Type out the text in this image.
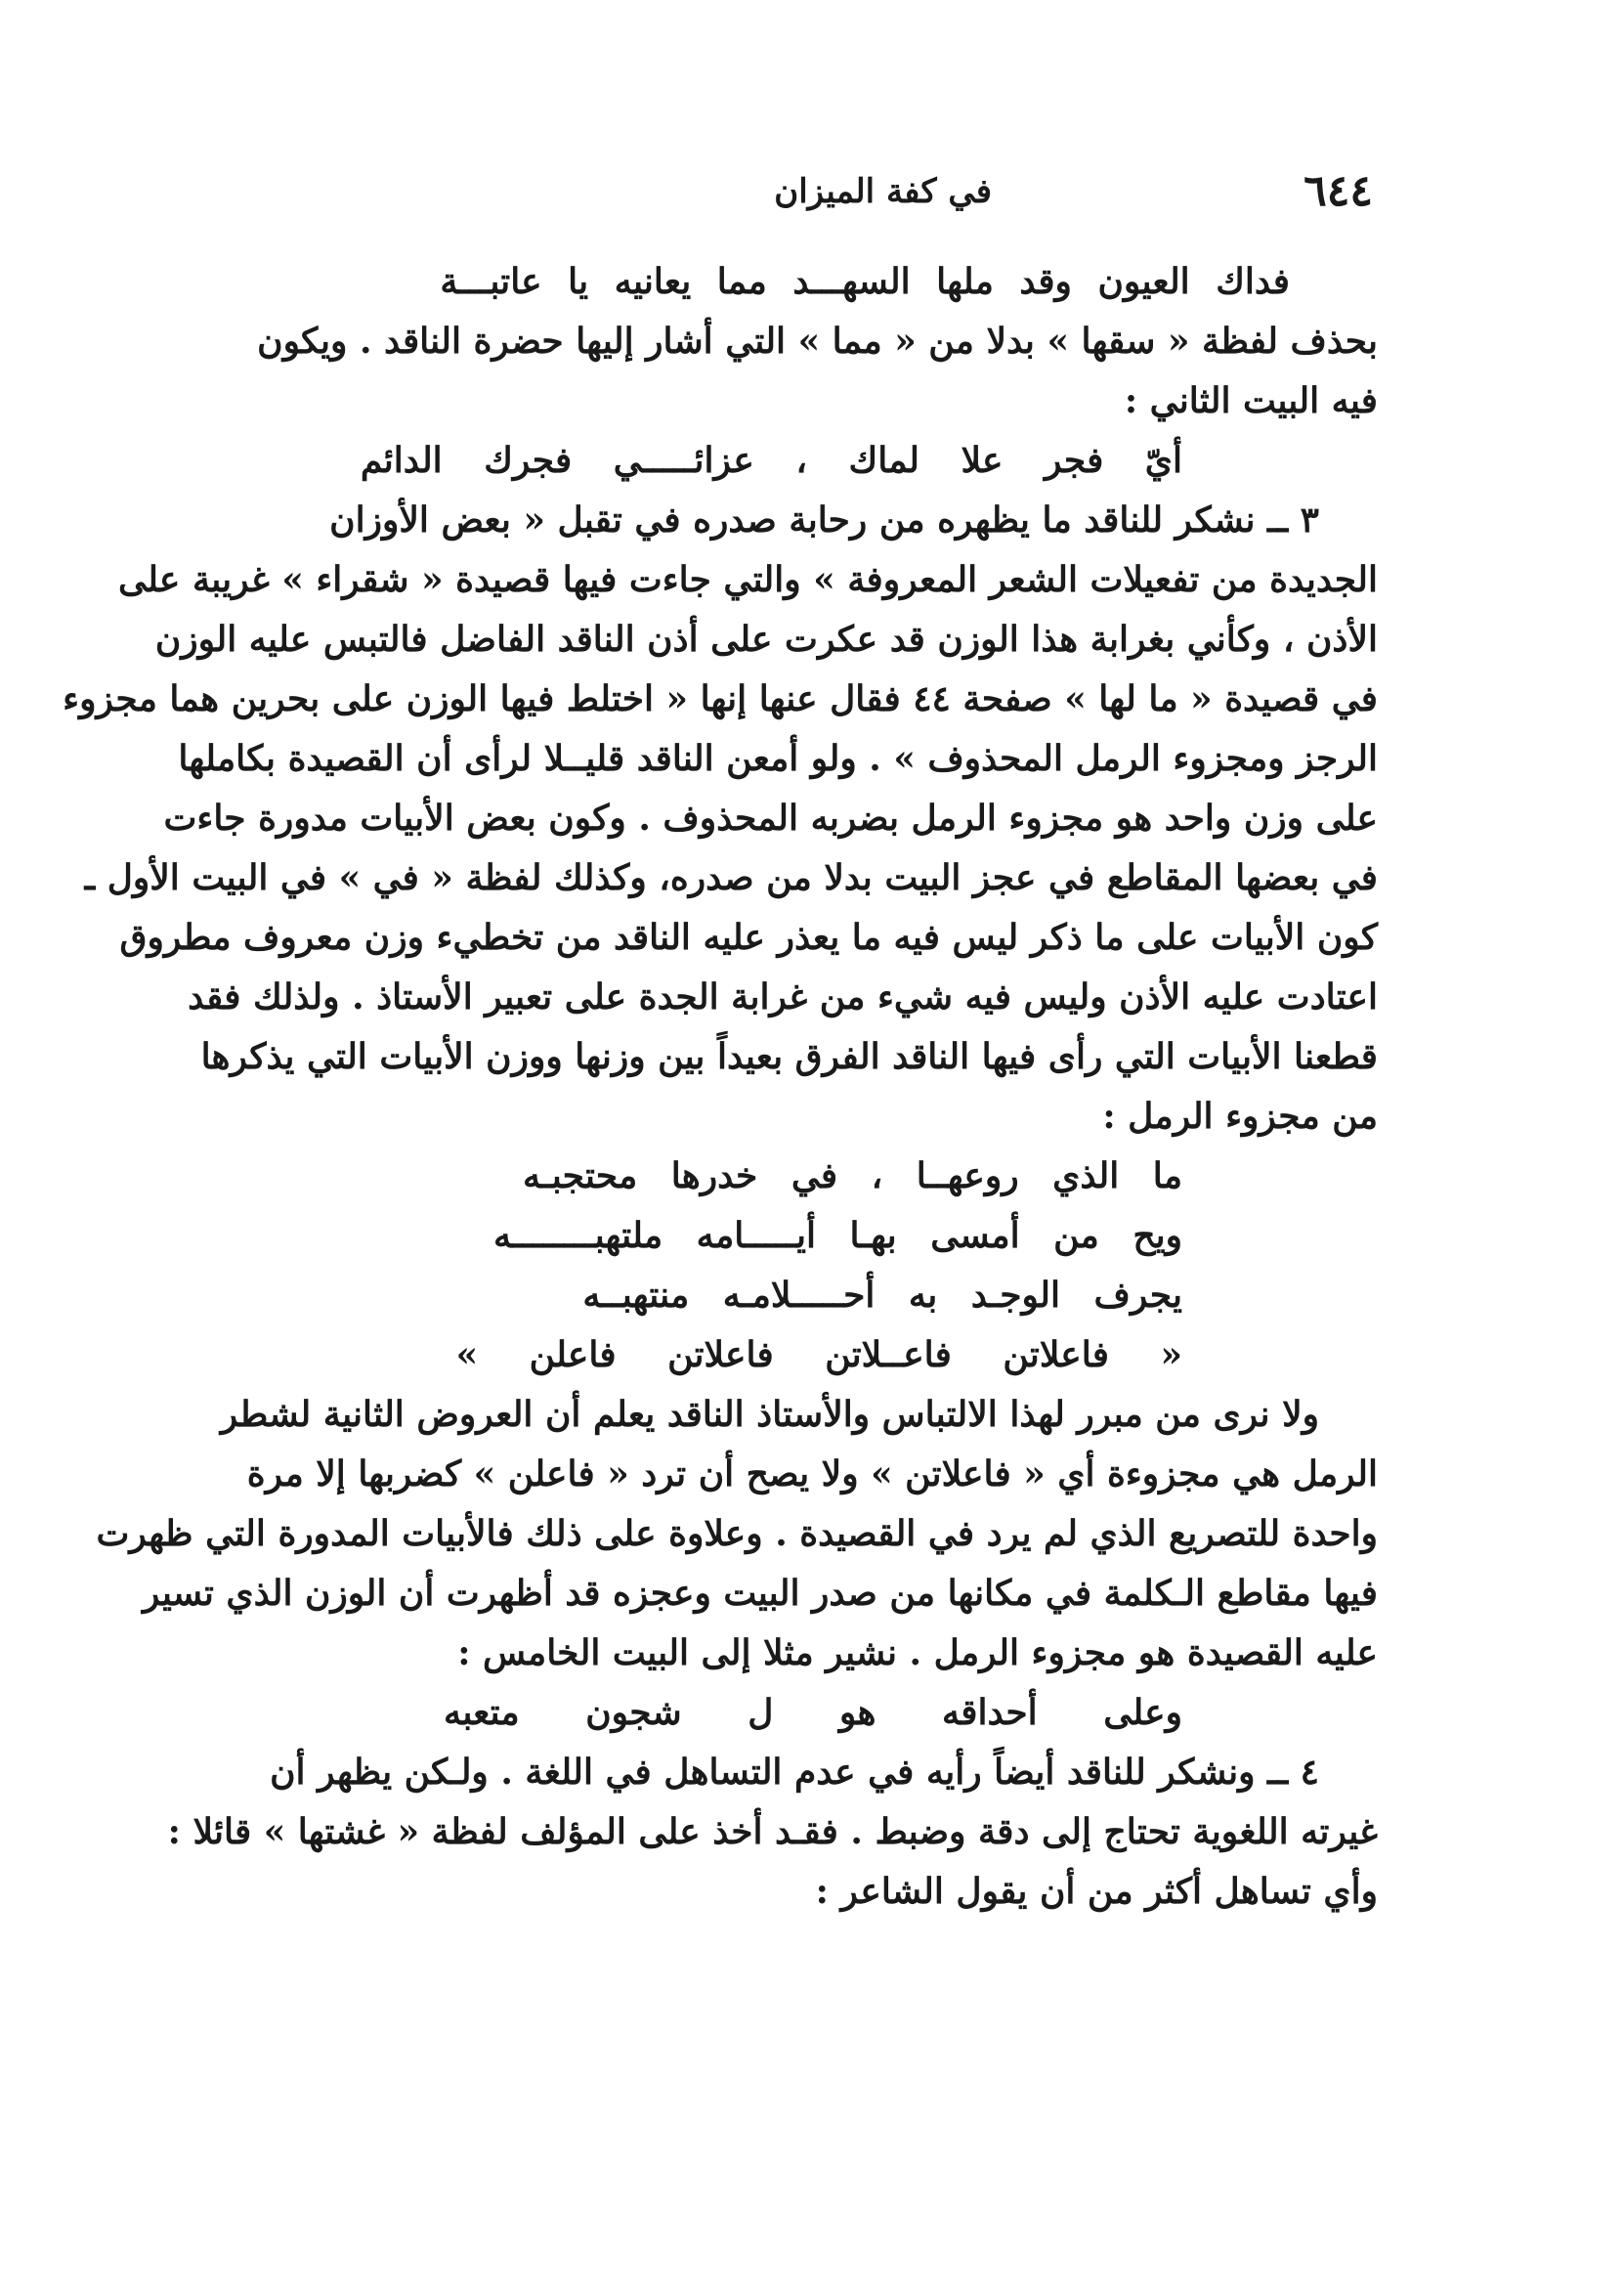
٦٤٤
في كفة الميزان
فداك العيون وقد ملها السهـــد مما يعانيه يا عاتبـــة
بحذف لفظة « سقها » بدلا من « مما » التي أشار إليها حضرة الناقد . ويكون
فيه البيت الثاني :
أيّ فجر علا لماك ، عزائـــــي فجرك الدائم
٣ ــ نشكر للناقد ما يظهره من رحابة صدره في تقبل « بعض الأوزان
الجديدة من تفعيلات الشعر المعروفة » والتي جاءت فيها قصيدة « شقراء » غريبة على
الأذن ، وكأني بغرابة هذا الوزن قد عكرت على أذن الناقد الفاضل فالتبس عليه الوزن
في قصيدة « ما لها » صفحة ٤٤ فقال عنها إنها « اختلط فيها الوزن على بحرين هما مجزوء
الرجز ومجزوء الرمل المحذوف » . ولو أمعن الناقد قليــلا لرأى أن القصيدة بكاملها
على وزن واحد هو مجزوء الرمل بضربه المحذوف . وكون بعض الأبيات مدورة جاءت
في بعضها المقاطع في عجز البيت بدلا من صدره، وكذلك لفظة « في » في البيت الأول ـ
كون الأبيات على ما ذكر ليس فيه ما يعذر عليه الناقد من تخطيء وزن معروف مطروق
اعتادت عليه الأذن وليس فيه شيء من غرابة الجدة على تعبير الأستاذ . ولذلك فقد
قطعنا الأبيات التي رأى فيها الناقد الفرق بعيداً بين وزنها ووزن الأبيات التي يذكرها
من مجزوء الرمل :
ما الذي روعهــا ، في خدرها محتجبـه
ويح من أمسى بهـا أيـــــامه ملتهبــــــــه
يجرف الوجـد به أحـــــلامـه منتهبــه
« فاعلاتن فاعــلاتن فاعلاتن فاعلن »
ولا نرى من مبرر لهذا الالتباس والأستاذ الناقد يعلم أن العروض الثانية لشطر
الرمل هي مجزوءة أي « فاعلاتن » ولا يصح أن ترد « فاعلن » كضربها إلا مرة
واحدة للتصريع الذي لم يرد في القصيدة . وعلاوة على ذلك فالأبيات المدورة التي ظهرت
فيها مقاطع الـكلمة في مكانها من صدر البيت وعجزه قد أظهرت أن الوزن الذي تسير
عليه القصيدة هو مجزوء الرمل . نشير مثلا إلى البيت الخامس :
وعلى أحداقه هو ل شجون متعبه
٤ ــ ونشكر للناقد أيضاً رأيه في عدم التساهل في اللغة . ولـكن يظهر أن
غيرته اللغوية تحتاج إلى دقة وضبط . فقـد أخذ على المؤلف لفظة « غشتها » قائلا :
وأي تساهل أكثر من أن يقول الشاعر :
